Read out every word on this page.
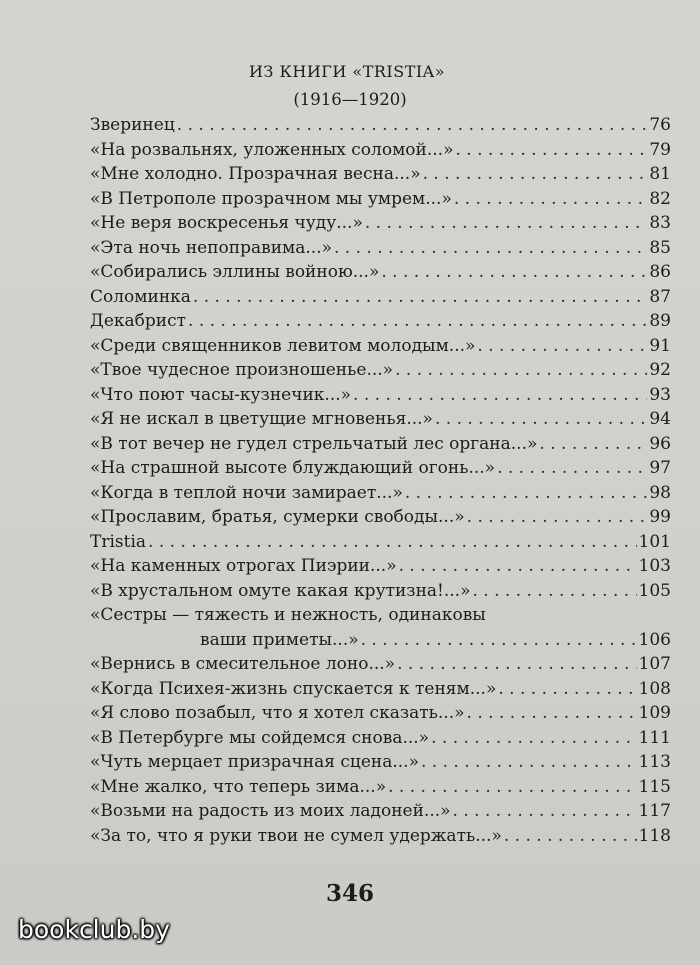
ИЗ КНИГИ «TRISTIA»
(1916—1920)
Зверинец . . .	76
«На розвальнях, уложенных соломой...» . . .	79
«Мне холодно. Прозрачная весна...» . . .	81
«В Петрополе прозрачном мы умрем...» . . .	82
«Не веря воскресенья чуду...» . . .	83
«Эта ночь непоправима...» . . .	85
«Собирались эллины войною...» . . .	86
Соломинка . . .	87
Декабрист . . .	89
«Среди священников левитом молодым...» . . .	91
«Твое чудесное произношенье...» . . .	92
«Что поют часы-кузнечик...» . . .	93
«Я не искал в цветущие мгновенья...» . . .	94
«В тот вечер не гудел стрельчатый лес органа...» . . .	96
«На страшной высоте блуждающий огонь...» . . .	97
«Когда в теплой ночи замирает...» . . .	98
«Прославим, братья, сумерки свободы...» . . .	99
Tristia . . .	101
«На каменных отрогах Пиэрии...» . . .	103
«В хрустальном омуте какая крутизна!...» . . .	105
«Сестры — тяжесть и нежность, одинаковы
ваши приметы...» . . .	106
«Вернись в смесительное лоно...» . . .	107
«Когда Психея-жизнь спускается к теням...» . . .	108
«Я слово позабыл, что я хотел сказать...» . . .	109
«В Петербурге мы сойдемся снова...» . . .	111
«Чуть мерцает призрачная сцена...» . . .	113
«Мне жалко, что теперь зима...» . . .	115
«Возьми на радость из моих ладоней...» . . .	117
«За то, что я руки твои не сумел удержать...» . . .	118
346
bookclub.by
